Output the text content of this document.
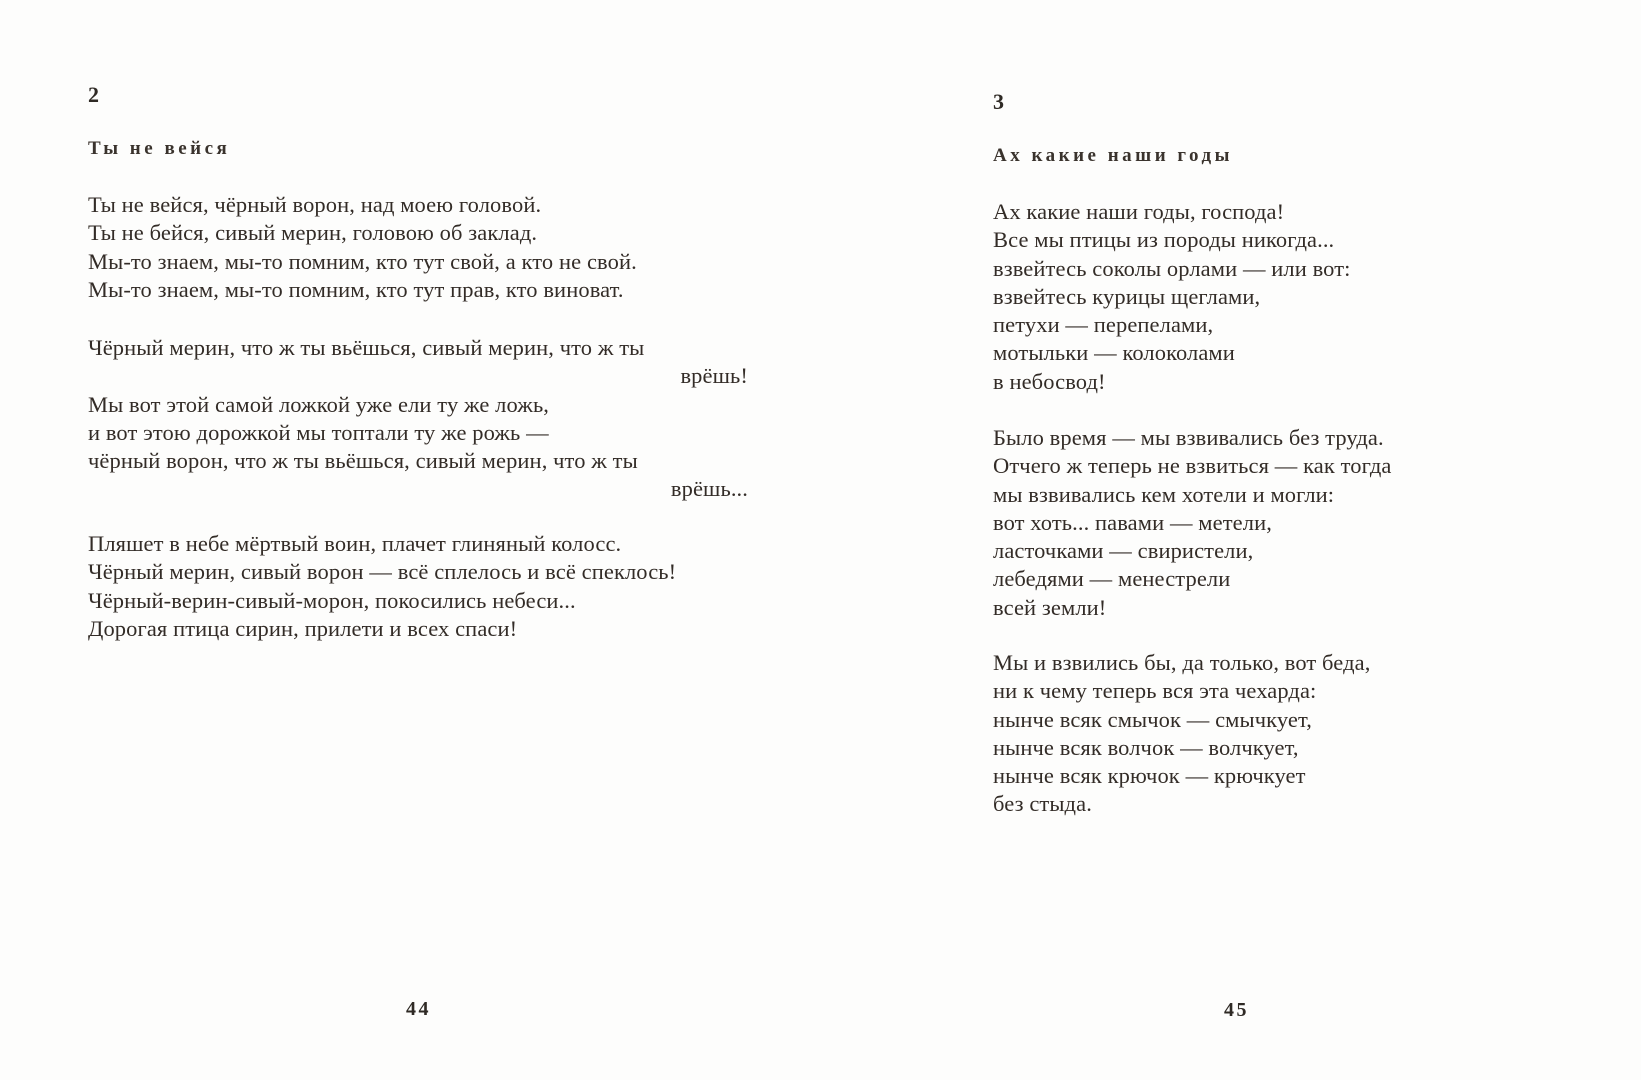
2
Ты не вейся
Ты не вейся, чёрный ворон, над моею головой.
Ты не бейся, сивый мерин, головою об заклад.
Мы-то знаем, мы-то помним, кто тут свой, а кто не свой.
Мы-то знаем, мы-то помним, кто тут прав, кто виноват.
Чёрный мерин, что ж ты вьёшься, сивый мерин, что ж ты
врёшь!
Мы вот этой самой ложкой уже ели ту же ложь,
и вот этою дорожкой мы топтали ту же рожь —
чёрный ворон, что ж ты вьёшься, сивый мерин, что ж ты
врёшь...
Пляшет в небе мёртвый воин, плачет глиняный колосс.
Чёрный мерин, сивый ворон — всё сплелось и всё спеклось!
Чёрный-верин-сивый-морон, покосились небеси...
Дорогая птица сирин, прилети и всех спаси!
44
3
Ах какие наши годы
Ах какие наши годы, господа!
Все мы птицы из породы никогда...
взвейтесь соколы орлами — или вот:
взвейтесь курицы щеглами,
петухи — перепелами,
мотыльки — колоколами
в небосвод!
Было время — мы взвивались без труда.
Отчего ж теперь не взвиться — как тогда
мы взвивались кем хотели и могли:
вот хоть... павами — метели,
ласточками — свиристели,
лебедями — менестрели
всей земли!
Мы и взвились бы, да только, вот беда,
ни к чему теперь вся эта чехарда:
нынче всяк смычок — смычкует,
нынче всяк волчок — волчкует,
нынче всяк крючок — крючкует
без стыда.
45
